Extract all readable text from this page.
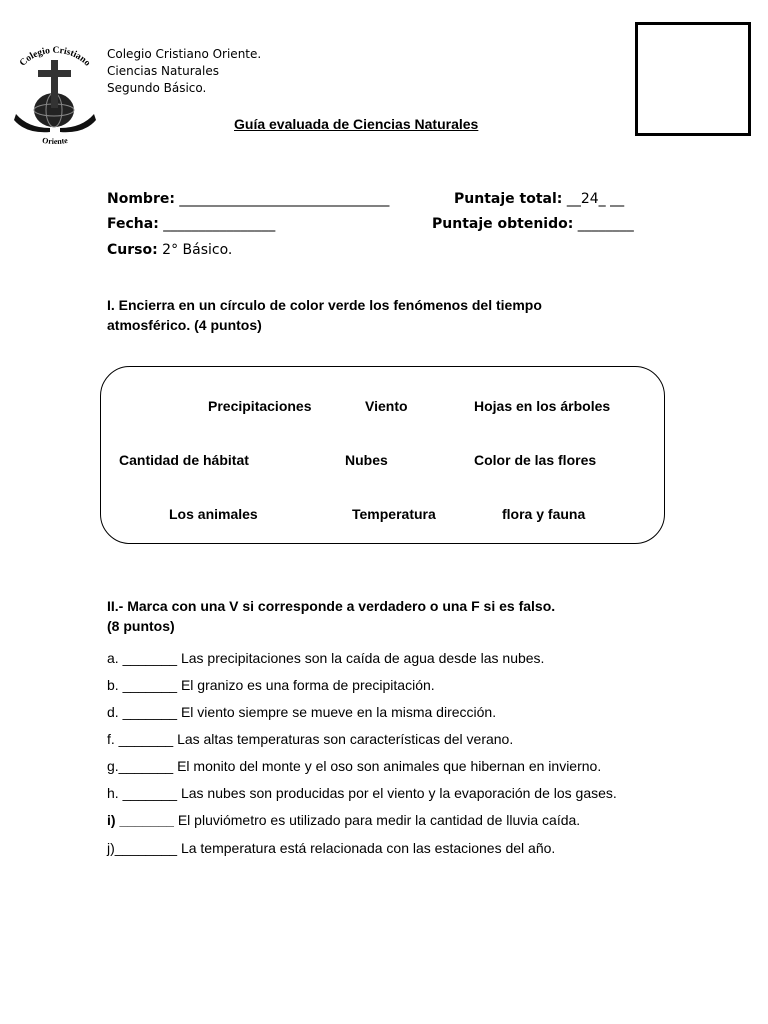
Colegio Cristiano
Oriente
Colegio Cristiano Oriente.
Ciencias Naturales
Segundo Básico.
Guía evaluada de Ciencias Naturales
Nombre: ______________________________	Puntaje total: __24_ __
Fecha: ________________	Puntaje obtenido: ________
Curso: 2° Básico.
I. Encierra en un círculo de color verde los fenómenos del tiempo
atmosférico. (4 puntos)
Precipitaciones	Viento	Hojas en los árboles
Cantidad de hábitat	Nubes	Color de las flores
Los animales	Temperatura	flora y fauna
II.- Marca con una V si corresponde a verdadero o una F si es falso.
(8 puntos)
a. _______ Las precipitaciones son la caída de agua desde las nubes.
b. _______ El granizo es una forma de precipitación.
d. _______ El viento siempre se mueve en la misma dirección.
f. _______ Las altas temperaturas son características del verano.
g._______ El monito del monte y el oso son animales que hibernan en invierno.
h. _______ Las nubes son producidas por el viento y la evaporación de los gases.
i) _______ El pluviómetro es utilizado para medir la cantidad de lluvia caída.
j)________ La temperatura está relacionada con las estaciones del año.
